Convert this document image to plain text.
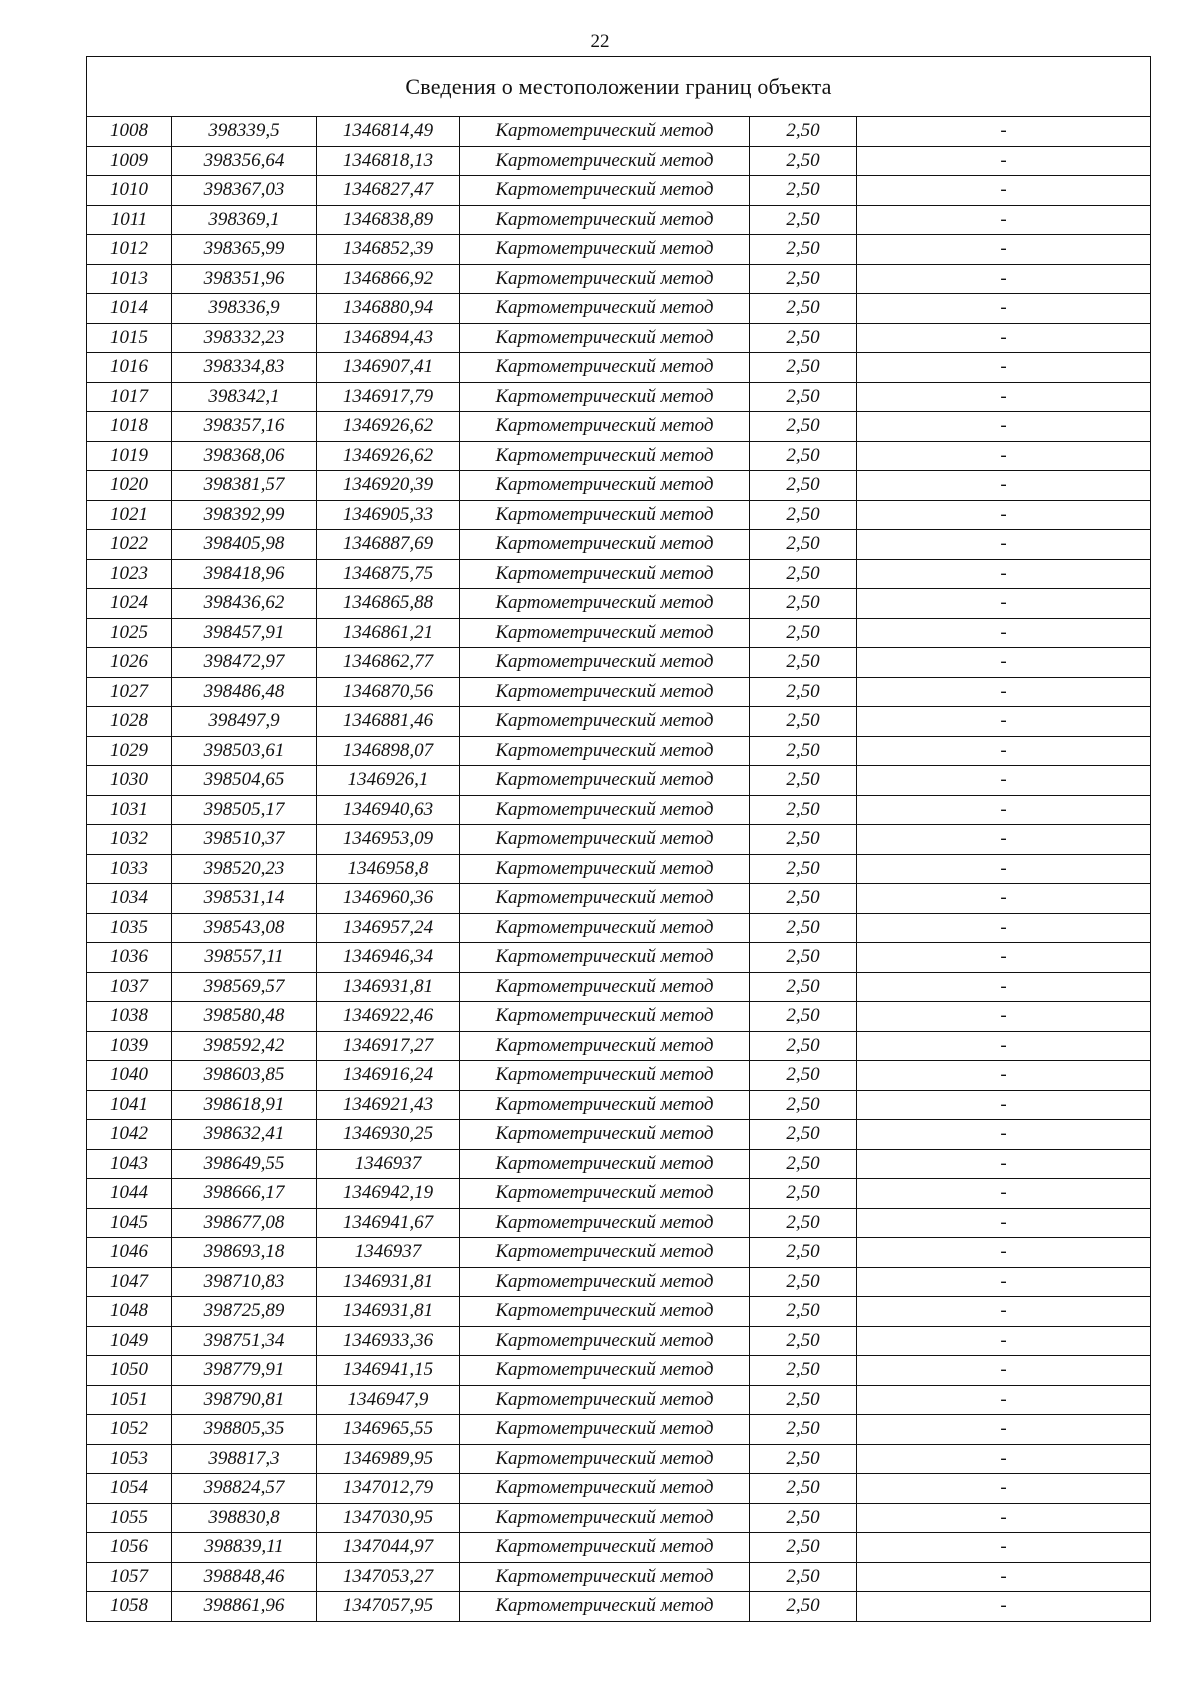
22
Сведения о местоположении границ объекта					
1008	398339,5	1346814,49	Картометрический метод	2,50	-
1009	398356,64	1346818,13	Картометрический метод	2,50	-
1010	398367,03	1346827,47	Картометрический метод	2,50	-
1011	398369,1	1346838,89	Картометрический метод	2,50	-
1012	398365,99	1346852,39	Картометрический метод	2,50	-
1013	398351,96	1346866,92	Картометрический метод	2,50	-
1014	398336,9	1346880,94	Картометрический метод	2,50	-
1015	398332,23	1346894,43	Картометрический метод	2,50	-
1016	398334,83	1346907,41	Картометрический метод	2,50	-
1017	398342,1	1346917,79	Картометрический метод	2,50	-
1018	398357,16	1346926,62	Картометрический метод	2,50	-
1019	398368,06	1346926,62	Картометрический метод	2,50	-
1020	398381,57	1346920,39	Картометрический метод	2,50	-
1021	398392,99	1346905,33	Картометрический метод	2,50	-
1022	398405,98	1346887,69	Картометрический метод	2,50	-
1023	398418,96	1346875,75	Картометрический метод	2,50	-
1024	398436,62	1346865,88	Картометрический метод	2,50	-
1025	398457,91	1346861,21	Картометрический метод	2,50	-
1026	398472,97	1346862,77	Картометрический метод	2,50	-
1027	398486,48	1346870,56	Картометрический метод	2,50	-
1028	398497,9	1346881,46	Картометрический метод	2,50	-
1029	398503,61	1346898,07	Картометрический метод	2,50	-
1030	398504,65	1346926,1	Картометрический метод	2,50	-
1031	398505,17	1346940,63	Картометрический метод	2,50	-
1032	398510,37	1346953,09	Картометрический метод	2,50	-
1033	398520,23	1346958,8	Картометрический метод	2,50	-
1034	398531,14	1346960,36	Картометрический метод	2,50	-
1035	398543,08	1346957,24	Картометрический метод	2,50	-
1036	398557,11	1346946,34	Картометрический метод	2,50	-
1037	398569,57	1346931,81	Картометрический метод	2,50	-
1038	398580,48	1346922,46	Картометрический метод	2,50	-
1039	398592,42	1346917,27	Картометрический метод	2,50	-
1040	398603,85	1346916,24	Картометрический метод	2,50	-
1041	398618,91	1346921,43	Картометрический метод	2,50	-
1042	398632,41	1346930,25	Картометрический метод	2,50	-
1043	398649,55	1346937	Картометрический метод	2,50	-
1044	398666,17	1346942,19	Картометрический метод	2,50	-
1045	398677,08	1346941,67	Картометрический метод	2,50	-
1046	398693,18	1346937	Картометрический метод	2,50	-
1047	398710,83	1346931,81	Картометрический метод	2,50	-
1048	398725,89	1346931,81	Картометрический метод	2,50	-
1049	398751,34	1346933,36	Картометрический метод	2,50	-
1050	398779,91	1346941,15	Картометрический метод	2,50	-
1051	398790,81	1346947,9	Картометрический метод	2,50	-
1052	398805,35	1346965,55	Картометрический метод	2,50	-
1053	398817,3	1346989,95	Картометрический метод	2,50	-
1054	398824,57	1347012,79	Картометрический метод	2,50	-
1055	398830,8	1347030,95	Картометрический метод	2,50	-
1056	398839,11	1347044,97	Картометрический метод	2,50	-
1057	398848,46	1347053,27	Картометрический метод	2,50	-
1058	398861,96	1347057,95	Картометрический метод	2,50	-
